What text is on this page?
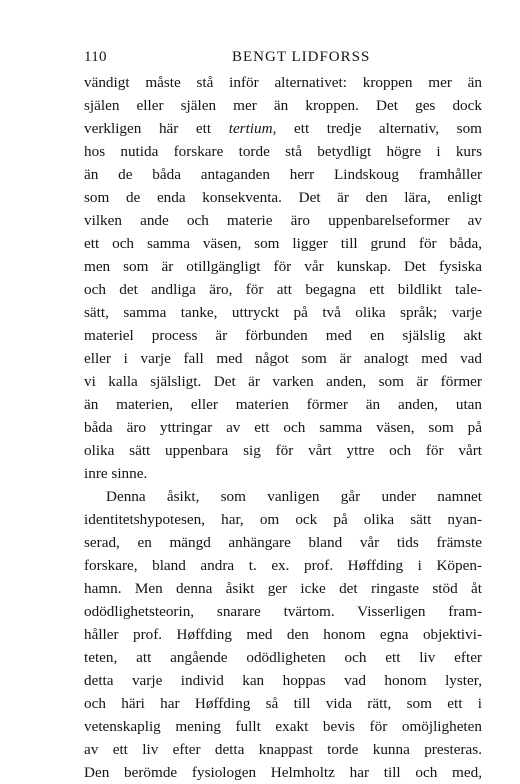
110	BENGT LIDFORSS
vändigt måste stå inför alternativet: kroppen mer än
själen eller själen mer än kroppen. Det ges dock
verkligen här ett tertium, ett tredje alternativ, som
hos nutida forskare torde stå betydligt högre i kurs
än de båda antaganden herr Lindskoug framhåller
som de enda konsekventa. Det är den lära, enligt
vilken ande och materie äro uppenbarelseformer av
ett och samma väsen, som ligger till grund för båda,
men som är otillgängligt för vår kunskap. Det fysiska
och det andliga äro, för att begagna ett bildlikt tale-
sätt, samma tanke, uttryckt på två olika språk; varje
materiel process är förbunden med en själslig akt
eller i varje fall med något som är analogt med vad
vi kalla själsligt. Det är varken anden, som är förmer
än materien, eller materien förmer än anden, utan
båda äro yttringar av ett och samma väsen, som på
olika sätt uppenbara sig för vårt yttre och för vårt
inre sinne.
Denna åsikt, som vanligen går under namnet
identitetshypotesen, har, om ock på olika sätt nyan-
serad, en mängd anhängare bland vår tids främste
forskare, bland andra t. ex. prof. Høffding i Köpen-
hamn. Men denna åsikt ger icke det ringaste stöd åt
odödlighetsteorin, snarare tvärtom. Visserligen fram-
håller prof. Høffding med den honom egna objektivi-
teten, att angående odödligheten och ett liv efter
detta varje individ kan hoppas vad honom lyster,
och häri har Høffding så till vida rätt, som ett i
vetenskaplig mening fullt exakt bevis för omöjligheten
av ett liv efter detta knappast torde kunna presteras.
Den berömde fysiologen Helmholtz har till och med,
